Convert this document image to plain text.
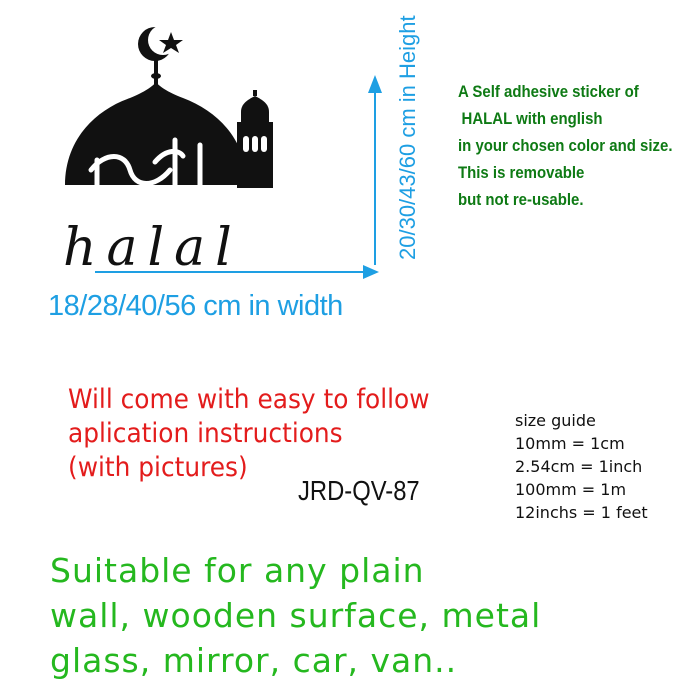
halal
18/28/40/56 cm in width
20/30/43/60 cm in Height A Self adhesive sticker of
HALAL with english
in your chosen color and size.
This is removable
but not re-usable.
Will come with easy to follow
aplication instructions
(with pictures)
JRD-QV-87
size guide
10mm = 1cm
2.54cm = 1inch
100mm = 1m
12inchs = 1 feet
Suitable for any plain
wall, wooden surface, metal
glass, mirror, car, van..
